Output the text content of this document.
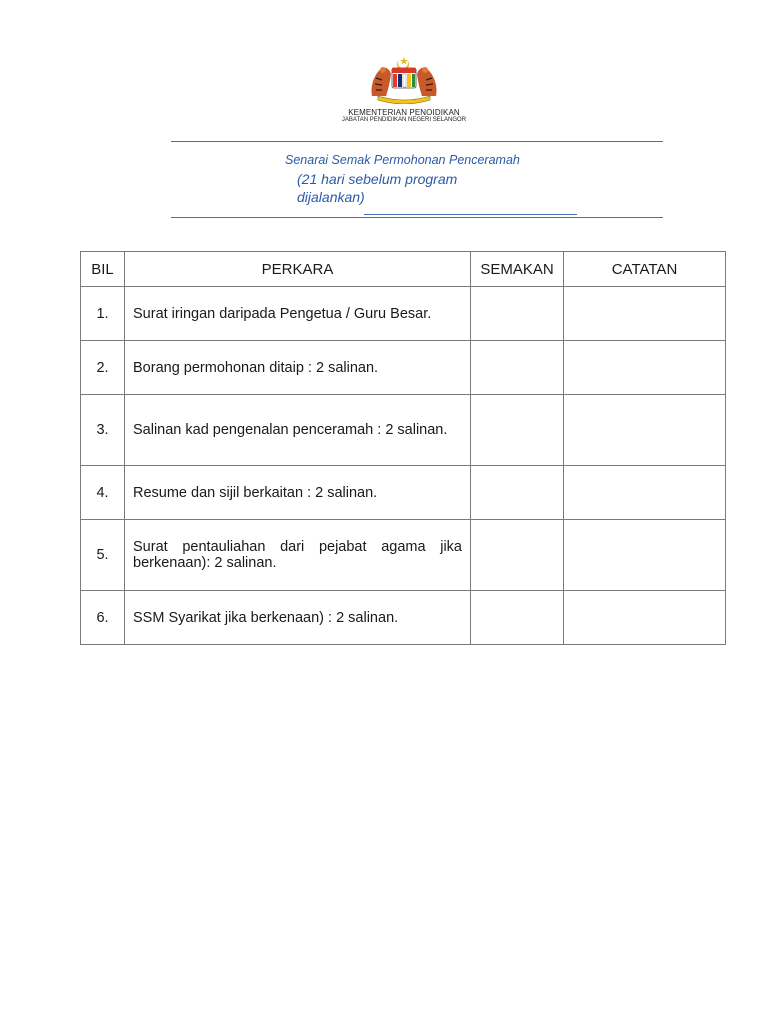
KEMENTERIAN PENOIDIKAN
JABATAN PENDIDIKAN NEGERI SELANGOR
Senarai Semak Permohonan Penceramah
(21 hari sebelum program dijalankan)
BIL	PERKARA	SEMAKAN	CATATAN
1.	Surat iringan daripada Pengetua / Guru Besar.		
2.	Borang permohonan ditaip : 2 salinan.		
3.	Salinan kad pengenalan penceramah : 2 salinan.		
4.	Resume dan sijil berkaitan : 2 salinan.		
5.	Surat pentauliahan dari pejabat agama jika berkenaan): 2 salinan.		
6.	SSM Syarikat jika berkenaan) : 2 salinan.		
